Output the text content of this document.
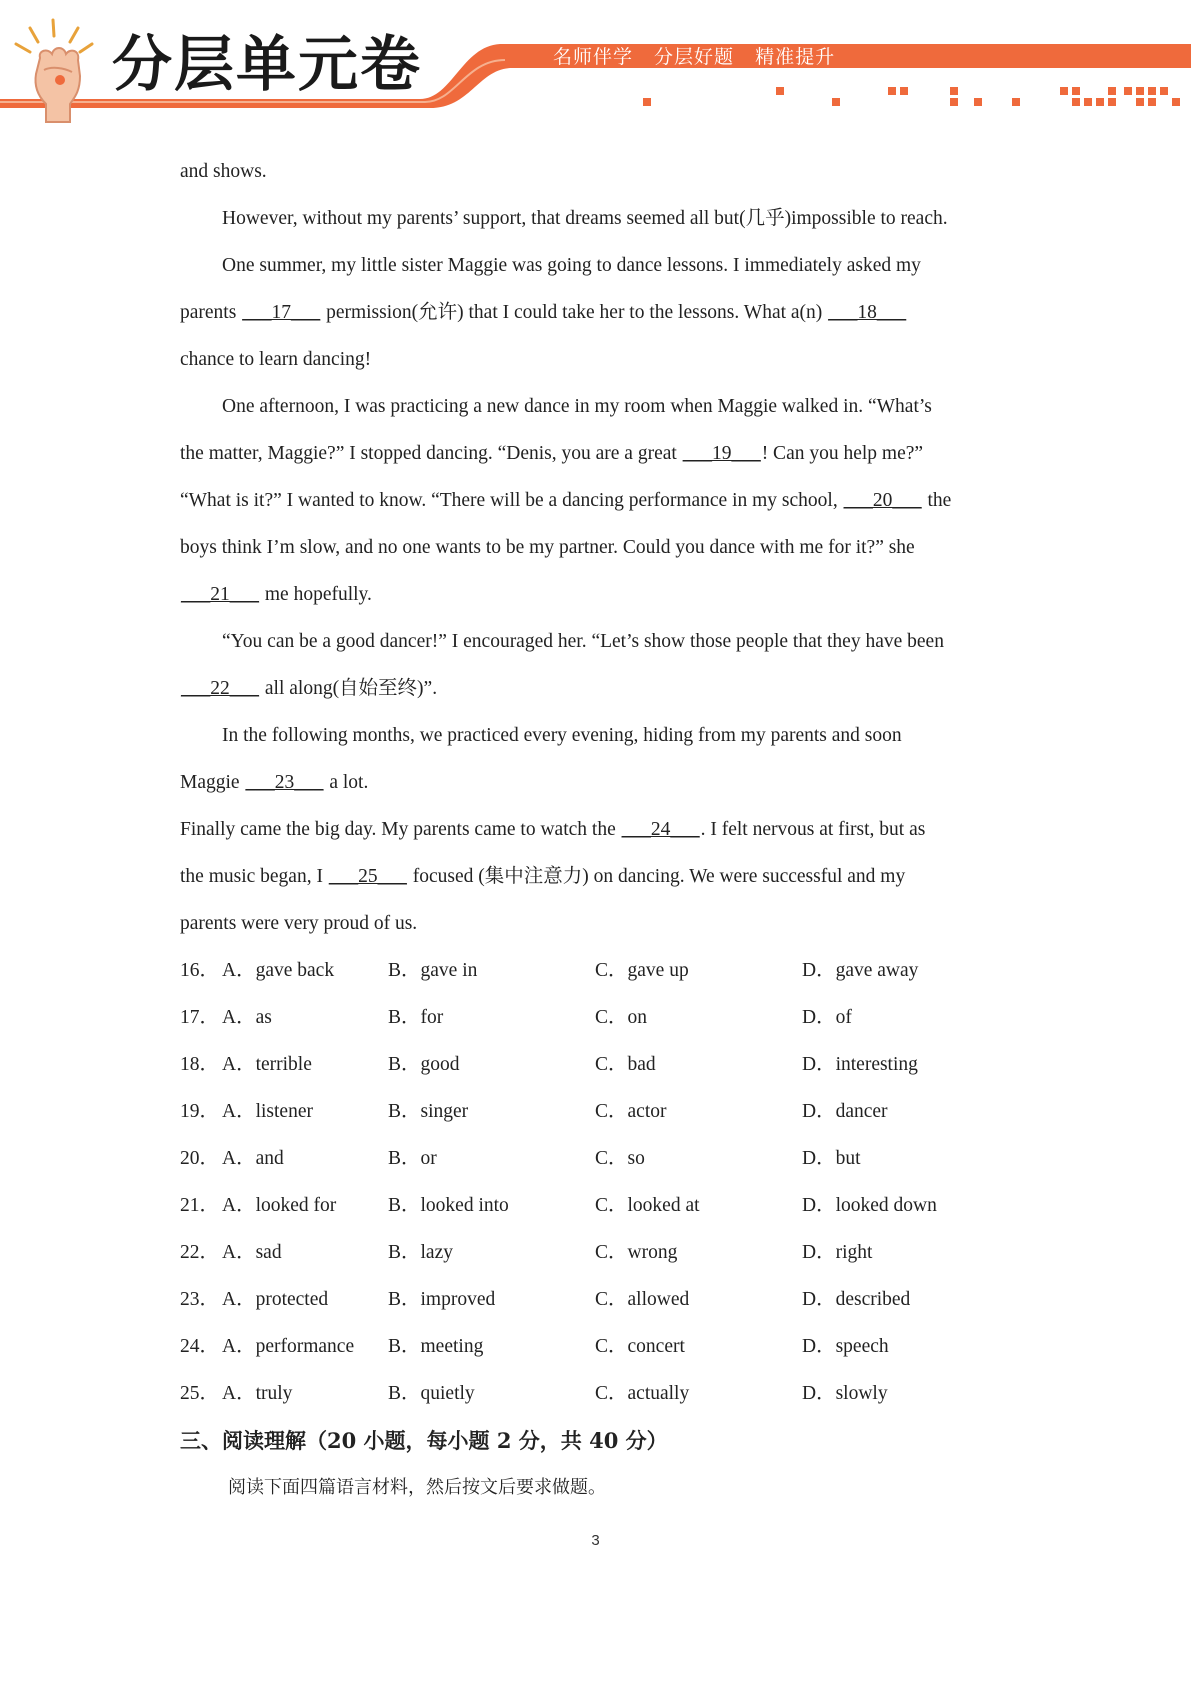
分层单元卷	名师伴学 分层好题 精准提升

and shows.

However, without my parents’ support, that dreams seemed all but(几乎)impossible to reach.

One summer, my little sister Maggie was going to dance lessons. I immediately asked my

parents ___17___ permission(允许) that I could take her to the lessons. What a(n) ___18___

chance to learn dancing!

One afternoon, I was practicing a new dance in my room when Maggie walked in. “What’s

the matter, Maggie?” I stopped dancing. “Denis, you are a great ___19___! Can you help me?”

“What is it?” I wanted to know. “There will be a dancing performance in my school, ___20___ the

boys think I’m slow, and no one wants to be my partner. Could you dance with me for it?” she

___21___ me hopefully.

“You can be a good dancer!” I encouraged her. “Let’s show those people that they have been

___22___ all along(自始至终)”.

In the following months, we practiced every evening, hiding from my parents and soon

Maggie ___23___ a lot.

Finally came the big day. My parents came to watch the ___24___. I felt nervous at first, but as

the music began, I ___25___ focused (集中注意力) on dancing. We were successful and my

parents were very proud of us.

16． A．gave back	B．gave in	C．gave up	D．gave away
17． A．as	B．for	C．on	D．of
18． A．terrible	B．good	C．bad	D．interesting
19． A．listener	B．singer	C．actor	D．dancer
20． A．and	B．or	C．so	D．but
21． A．looked for	B．looked into	C．looked at	D．looked down
22． A．sad	B．lazy	C．wrong	D．right
23． A．protected	B．improved	C．allowed	D．described
24． A．performance	B．meeting	C．concert	D．speech
25． A．truly	B．quietly	C．actually	D．slowly

三、阅读理解（20 小题，每小题 2 分，共 40 分）

阅读下面四篇语言材料，然后按文后要求做题。

3
